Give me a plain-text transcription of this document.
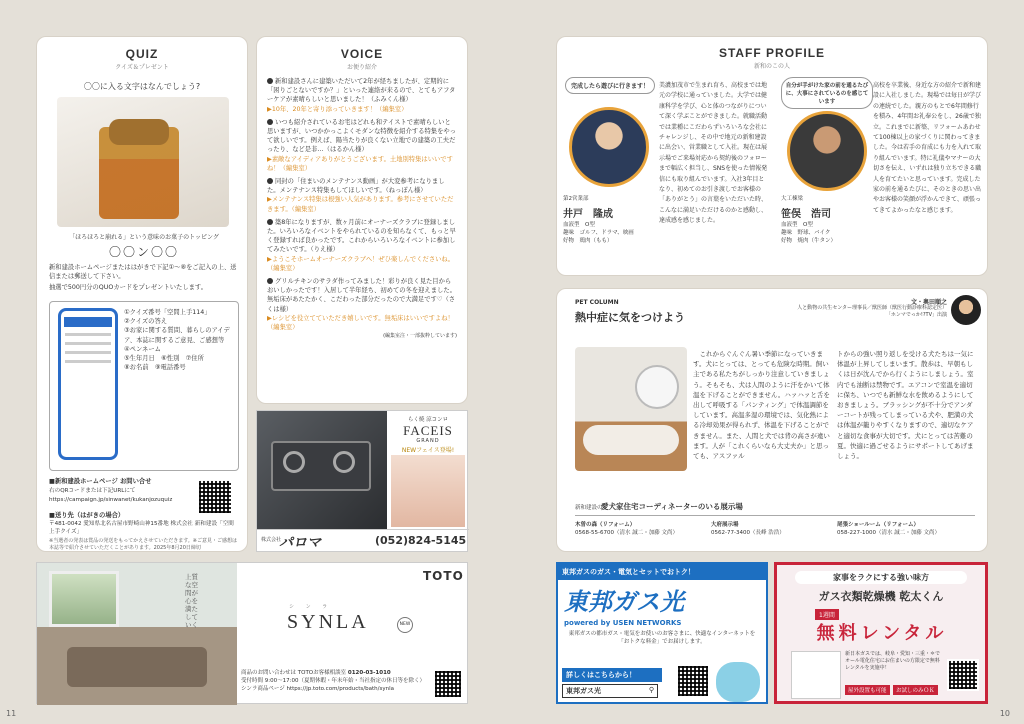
11	10
QUIZ
クイズ＆プレゼント
〇〇に入る文字はなんでしょう?
「ほろほろと崩れる」という意味のお菓子のトッピング
〇〇ン〇〇
新和建設ホームページまたははがきで下記①〜⑧をご記入の上、送信または郵送して下さい。
抽選で500円分のQUOカードをプレゼントいたします。
①クイズ番号「空間上手114」
②クイズの答え
③お家に関する質問、暮らしのアイデア、本誌に関するご意見、ご感想等
④ペンネーム
⑤生年月日　⑥性別　⑦住所
⑧お名前　⑨電話番号
■新和建設ホームページ お問い合せ
右のQRコードまたは下記URLにて https://campaign.jp/sinwanet/kukanjozuquiz
■送り先（はがきの場合）
〒481-0042 愛知県北名古屋市野崎山神15番地 株式会社 新和建設「空間上手クイズ」
※当選者の発表は賞品の発送をもってかえさせていただきます。※ご意見・ご感想は本誌等で紹介させていただくことがあります。2025年8月20日締切
VOICE
お便り紹介
新和建設さんに建築いただいて2年が経ちましたが、定期的に「困りごとないですか？」といった連絡が来るので、とてもアフターケアが素晴らしいと思いました！（ふみくん様）
▶10年、20年と寄り添っていきます！（編集室）
いつも紹介されているお宅はどれも和テイストで素晴らしいと思いますが、いつかかっこよくモダンな特徴を紹介する特集をやって欲しいです。例えば、陽当たりが良くない立地での建築の工夫だったり、など是非…（はるかん様）
▶素敵なアイディアありがとうございます。土地別特集はいいですね！（編集室）
同封の「住まいのメンテナンス動画」が大変参考になりました。メンテナンス特集もしてほしいです。（ねっぽん様）
▶メンテナンス特集は根強い人気があります。参考にさせていただきます。（編集室）
築8年になりますが、数ヶ月前にオーナーズクラブに登録しました。いろいろなイベントをやられているのを知らなくて、もっと早く登録すれば良かったです。これからいろいろなイベントに参加してみたいです。（りえ様）
▶ようこそホームオーナーズクラブへ！ぜひ楽しんでくださいね。（編集室）
グリルチキンのサラダ作ってみました！彩りが良く見た目からおいしかったです！入居して半年経ち、初めての冬を迎えました。無垢床があたたかく、こだわった部分だったので大満足です♡（さくは様）
▶レシピを役立てていただき嬉しいです。無垢床はいいですよね！（編集室）
(編集室注・一部抜粋しています)
らく焼 涼コンロ
FACEIS
GRAND
NEWフェイス登場!
株式会社
パロマ	(052)824-5145
STAFF PROFILE
新和のこの人
完成したら遊びに行きます！
第2営業部
井戸　隆成
血液型　 O型
趣味　 ゴルフ、ドラマ、映画
好物　 鶏肉（もも）
美濃加茂市で生まれ育ち、高校までは地元の学校に通っていました。大学では健康科学を学び、心と体のつながりについて深く学ぶことができました。就職活動では業種にこだわらずいろいろな会社にチャレンジし、その中で地元の新和建設に出会い、営業職として入社。現在は展示場でご来場対応から契約後のフォローまで幅広く担当し、SNSを使った情報発信にも取り組んでいます。入社3年目となり、初めてのお引き渡しでお客様の「ありがとう」の言葉をいただいた時、こんなに満足いただけるのかと感動し、達成感を感じました。
自分が手がけた家の前を通るたびに、大事にされているのを感じています
大工棟梁
笹俣　浩司
血液型　 O型
趣味　 野球、バイク
好物　 焼肉（牛タン）
高校を卒業後、身近な方の紹介で新和建設に入社しました。現場では毎日が学びの連続でした。親方のもとで6年間修行を積み、4年間お礼奉公をし、26歳で独立。これまでに新築、リフォームあわせて100棟以上の家づくりに関わってきました。今は若手の育成にも力を入れて取り組んでいます。特に礼儀やマナーの大切さを伝え、いずれは独り立ちできる職人を育てたいと思っています。完成した家の前を通るたびに、そのときの思い出やお客様の笑顔が浮かんできて、頑張ってきてよかったなと感じます。
PET COLUMN
熱中症に気をつけよう
文・奥田順之
人と動物の共生センター理事長／獣医師（獣医行動診療科認定医）「ホンマでっか!?TV」出演
これからぐんぐん暑い季節になっていきます。犬にとっては、とっても危険な時期。飼い主である私たちがしっかり注意していきましょう。そもそも、犬は人間のように汗をかいて体温を下げることができません。ハァハァと舌を出して呼吸する「パンティング」で体温調節をしています。高温多湿の環境では、気化熱による冷却効果が得られず、体温を下げることができません。また、人間と犬では背の高さが違います。人が「これくらいなら大丈夫か」と思っても、アスファル
トからの強い照り返しを受ける犬たちは一気に体温が上昇してしまいます。散歩は、早朝もしくは日が沈んでから行くようにしましょう。室内でも油断は禁物です。エアコンで室温を適切に保ち、いつでも新鮮な水を飲めるようにしておきましょう。ブラッシングが不十分でアンダーコートが残ってしまっている犬や、肥満の犬は体温が籠りやすくなりますので、適切なケアと適切な食事が大切です。犬にとっては苦難の夏。快適に過ごせるようにサポートしてあげましょう。
新和建設の
愛犬家住宅コーディネーターのいる展示場
木曽の森（リフォーム）
0568-55-6700（清水 誠二・加藤 文尚）
大府展示場
0562-77-3400（長峰 浩浩）
尾張ショールーム（リフォーム）
058-227-1000（清水 誠二・加藤 文尚）
上質な空間が心を満たしていく
TOTO
シ ン ラ
SYNLA	NEW
商品のお問い合わせは TOTOお客様相談室 0120-03-1010
受付時間 9:00〜17:00（夏期休暇・年末年始・当社指定の休日等を除く）
シンラ商品ページ https://jp.toto.com/products/bath/synla
東邦ガスのガス・電気とセットでおトク！
東邦ガス光
powered by USEN NETWORKS
東邦ガスの都市ガス・電気をお使いのお客さまに、快適なインターネットを「おトクな料金」でお届けします。
詳しくはこちらから！
東邦ガス光	⚲
家事をラクにする強い味方
ガス衣類乾燥機 乾太くん
1週間
無料レンタル
新日本ガスでは、岐阜・愛知・三重・＊でオール電化住宅にお住まいの方限定で無料レンタルを実施中！
屋外設置も可能	お試しのみＯＫ
